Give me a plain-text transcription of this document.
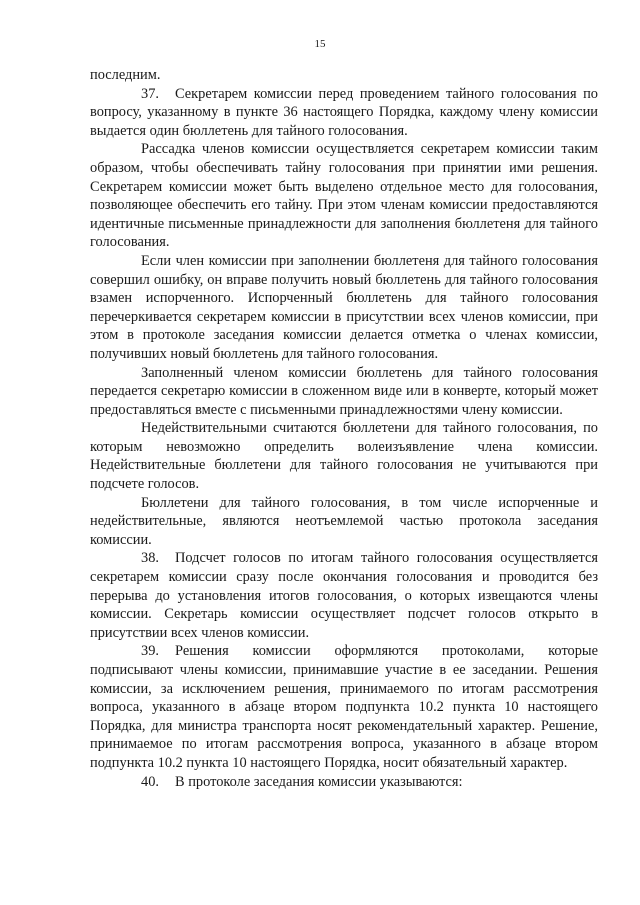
15

последним.

37. Секретарем комиссии перед проведением тайного голосования по вопросу, указанному в пункте 36 настоящего Порядка, каждому члену комиссии выдается один бюллетень для тайного голосования.

Рассадка членов комиссии осуществляется секретарем комиссии таким образом, чтобы обеспечивать тайну голосования при принятии ими решения. Секретарем комиссии может быть выделено отдельное место для голосования, позволяющее обеспечить его тайну. При этом членам комиссии предоставляются идентичные письменные принадлежности для заполнения бюллетеня для тайного голосования.

Если член комиссии при заполнении бюллетеня для тайного голосования совершил ошибку, он вправе получить новый бюллетень для тайного голосования взамен испорченного. Испорченный бюллетень для тайного голосования перечеркивается секретарем комиссии в присутствии всех членов комиссии, при этом в протоколе заседания комиссии делается отметка о членах комиссии, получивших новый бюллетень для тайного голосования.

Заполненный членом комиссии бюллетень для тайного голосования передается секретарю комиссии в сложенном виде или в конверте, который может предоставляться вместе с письменными принадлежностями члену комиссии.

Недействительными считаются бюллетени для тайного голосования, по которым невозможно определить волеизъявление члена комиссии. Недействительные бюллетени для тайного голосования не учитываются при подсчете голосов.

Бюллетени для тайного голосования, в том числе испорченные и недействительные, являются неотъемлемой частью протокола заседания комиссии.

38. Подсчет голосов по итогам тайного голосования осуществляется секретарем комиссии сразу после окончания голосования и проводится без перерыва до установления итогов голосования, о которых извещаются члены комиссии. Секретарь комиссии осуществляет подсчет голосов открыто в присутствии всех членов комиссии.

39. Решения комиссии оформляются протоколами, которые подписывают члены комиссии, принимавшие участие в ее заседании. Решения комиссии, за исключением решения, принимаемого по итогам рассмотрения вопроса, указанного в абзаце втором подпункта 10.2 пункта 10 настоящего Порядка, для министра транспорта носят рекомендательный характер. Решение, принимаемое по итогам рассмотрения вопроса, указанного в абзаце втором подпункта 10.2 пункта 10 настоящего Порядка, носит обязательный характер.

40. В протоколе заседания комиссии указываются:
